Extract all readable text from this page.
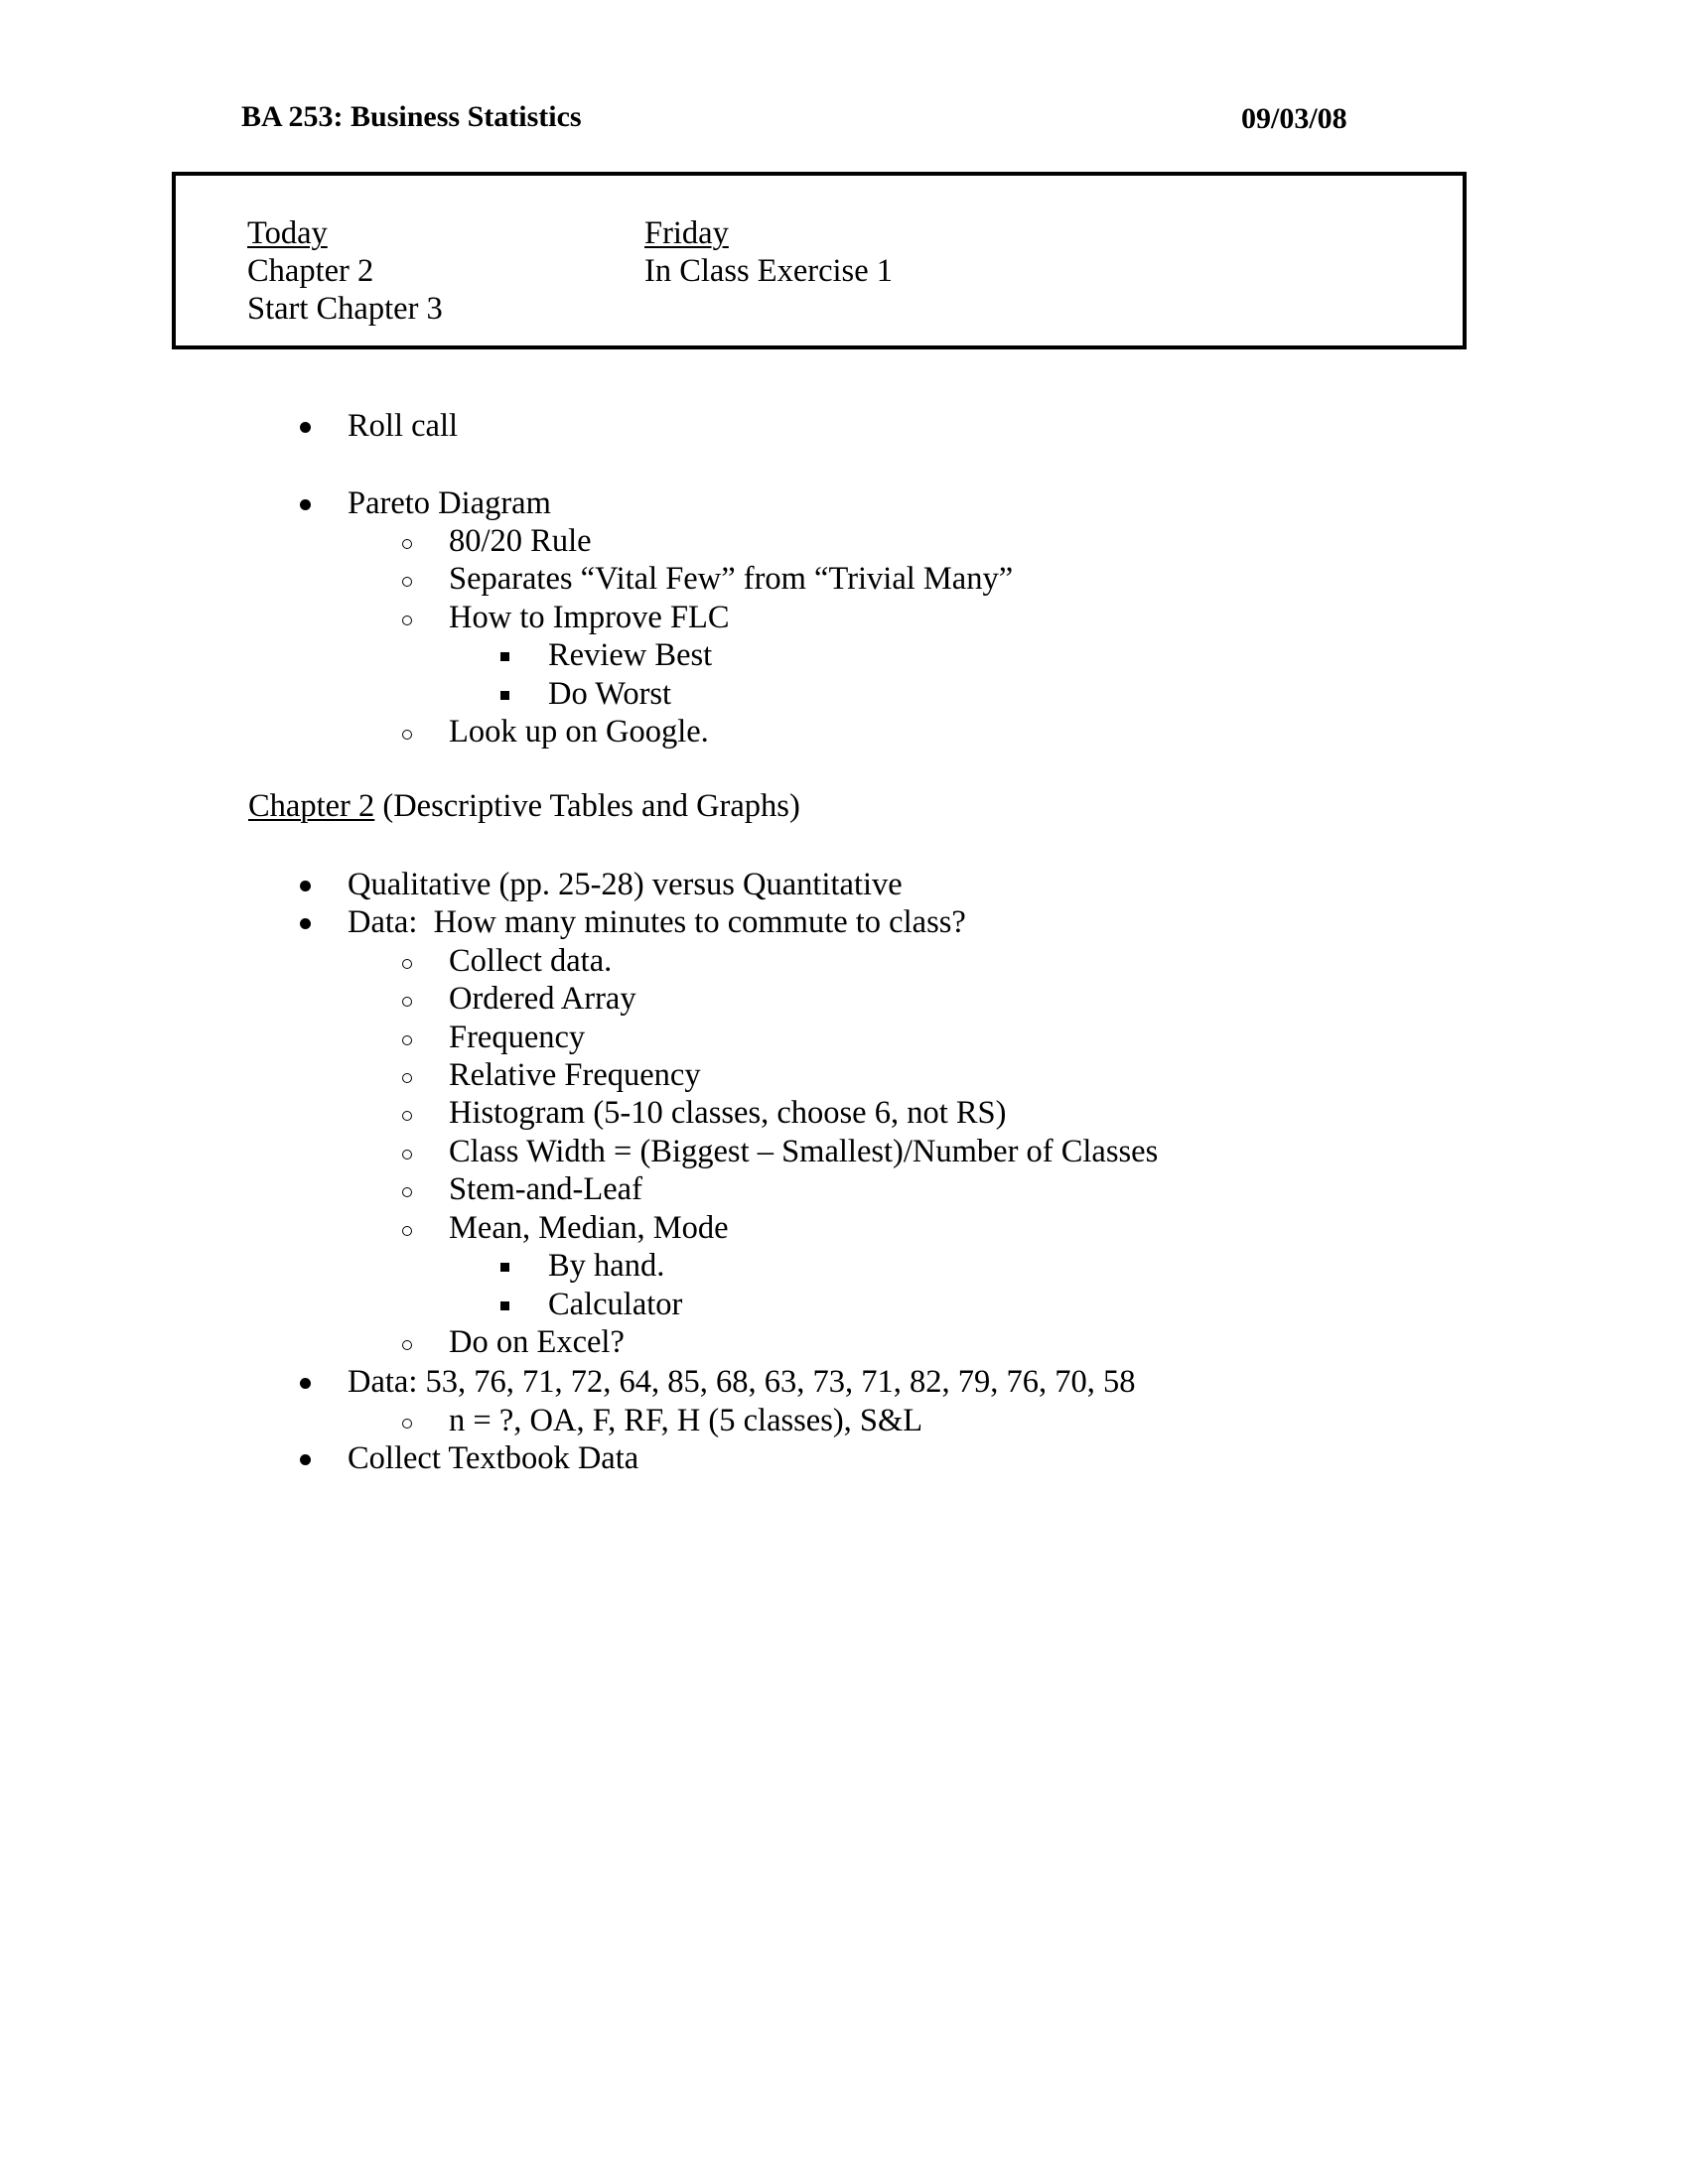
BA 253: Business Statistics	09/03/08
Today
Chapter 2
Start Chapter 3
Friday
In Class Exercise 1
Roll call
Pareto Diagram
80/20 Rule
Separates “Vital Few” from “Trivial Many”
How to Improve FLC
Review Best
Do Worst
Look up on Google.
Chapter 2 (Descriptive Tables and Graphs)
Qualitative (pp. 25-28) versus Quantitative
Data:  How many minutes to commute to class?
Collect data.
Ordered Array
Frequency
Relative Frequency
Histogram (5-10 classes, choose 6, not RS)
Class Width = (Biggest – Smallest)/Number of Classes
Stem-and-Leaf
Mean, Median, Mode
By hand.
Calculator
Do on Excel?
Data: 53, 76, 71, 72, 64, 85, 68, 63, 73, 71, 82, 79, 76, 70, 58
n = ?, OA, F, RF, H (5 classes), S&L
Collect Textbook Data
